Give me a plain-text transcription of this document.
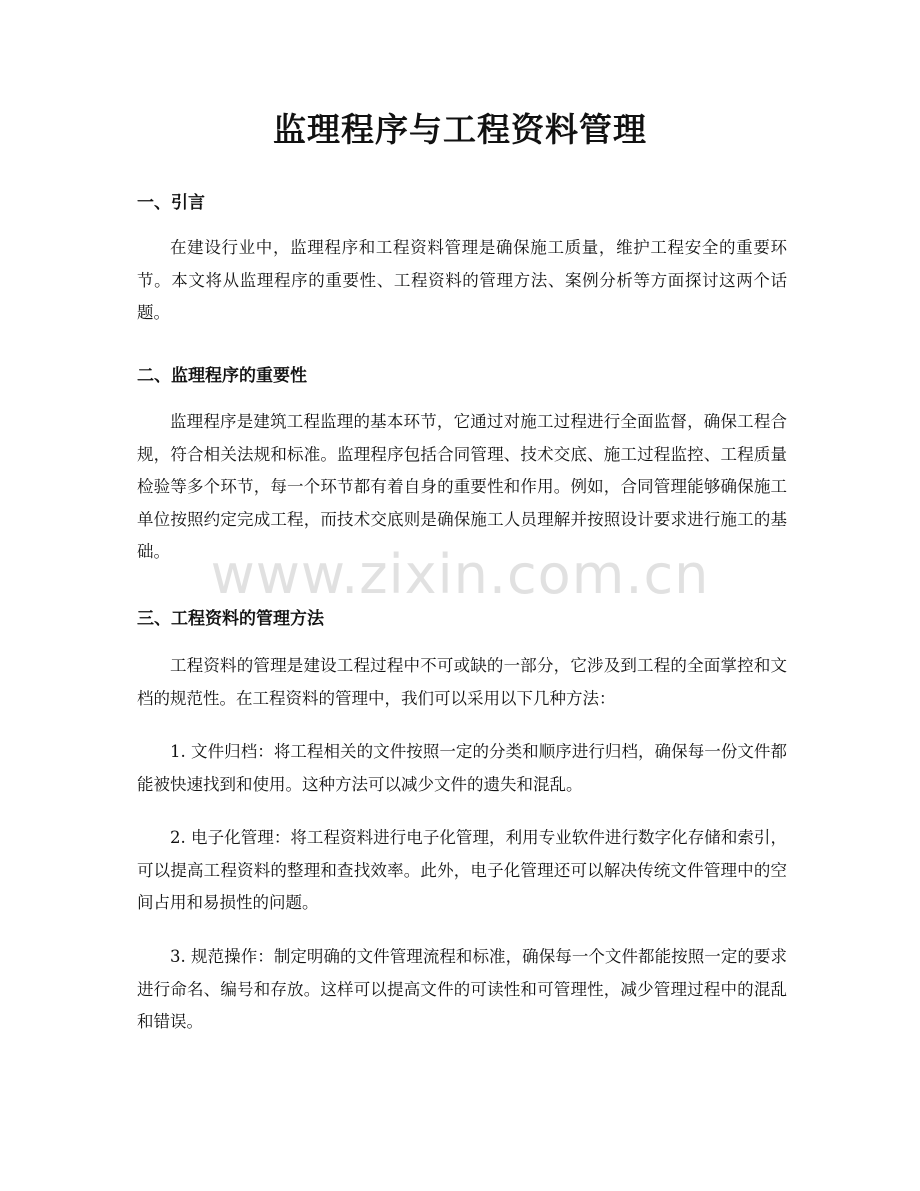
监理程序与工程资料管理
一、引言

在建设行业中，监理程序和工程资料管理是确保施工质量，维护工程安全的重要环节。本文将从监理程序的重要性、工程资料的管理方法、案例分析等方面探讨这两个话题。

二、监理程序的重要性

监理程序是建筑工程监理的基本环节，它通过对施工过程进行全面监督，确保工程合规，符合相关法规和标准。监理程序包括合同管理、技术交底、施工过程监控、工程质量检验等多个环节，每一个环节都有着自身的重要性和作用。例如，合同管理能够确保施工单位按照约定完成工程，而技术交底则是确保施工人员理解并按照设计要求进行施工的基础。

三、工程资料的管理方法

工程资料的管理是建设工程过程中不可或缺的一部分，它涉及到工程的全面掌控和文档的规范性。在工程资料的管理中，我们可以采用以下几种方法：

1. 文件归档：将工程相关的文件按照一定的分类和顺序进行归档，确保每一份文件都能被快速找到和使用。这种方法可以减少文件的遗失和混乱。

2. 电子化管理：将工程资料进行电子化管理，利用专业软件进行数字化存储和索引，可以提高工程资料的整理和查找效率。此外，电子化管理还可以解决传统文件管理中的空间占用和易损性的问题。

3. 规范操作：制定明确的文件管理流程和标准，确保每一个文件都能按照一定的要求进行命名、编号和存放。这样可以提高文件的可读性和可管理性，减少管理过程中的混乱和错误。

www.zixin.com.cn
